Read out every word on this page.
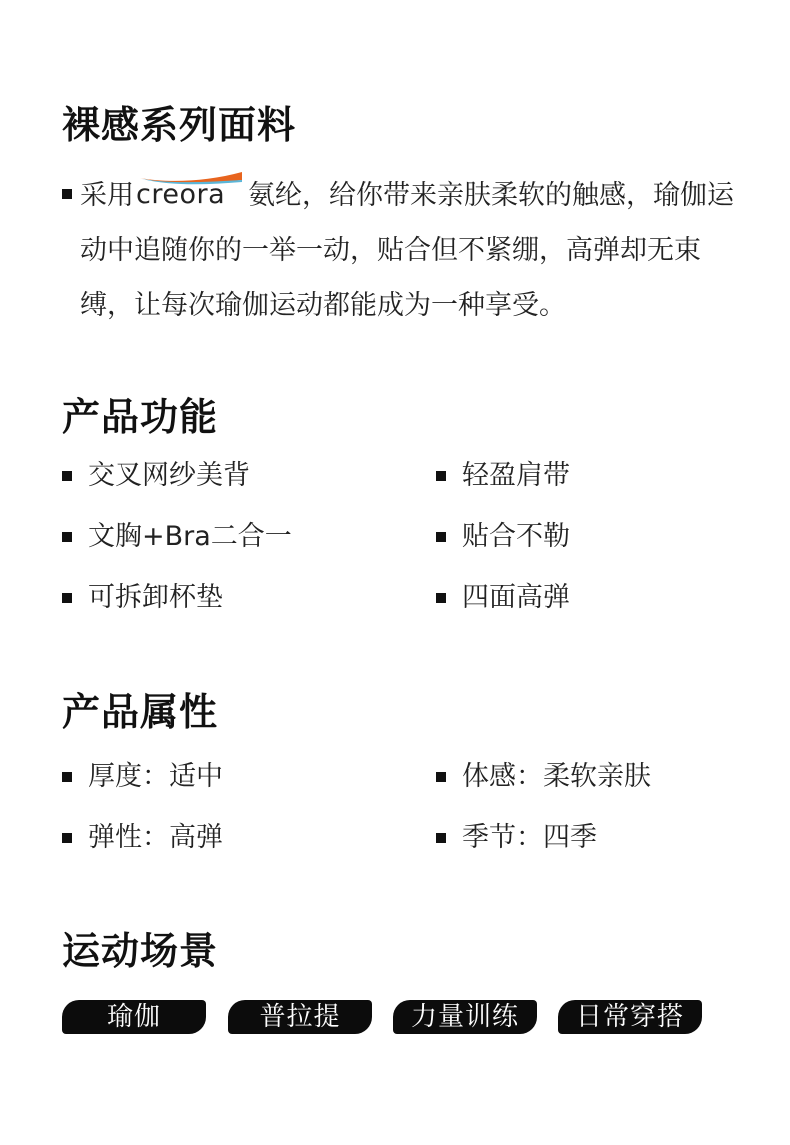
裸感系列面料
采用 creora 氨纶，给你带来亲肤柔软的触感，瑜伽运动中追随你的一举一动，贴合但不紧绷，高弹却无束缚，让每次瑜伽运动都能成为一种享受。
产品功能
交叉网纱美背	轻盈肩带
文胸+Bra二合一	贴合不勒
可拆卸杯垫	四面高弹
产品属性
厚度：适中	体感：柔软亲肤
弹性：高弹	季节：四季
运动场景
瑜伽	普拉提	力量训练	日常穿搭
